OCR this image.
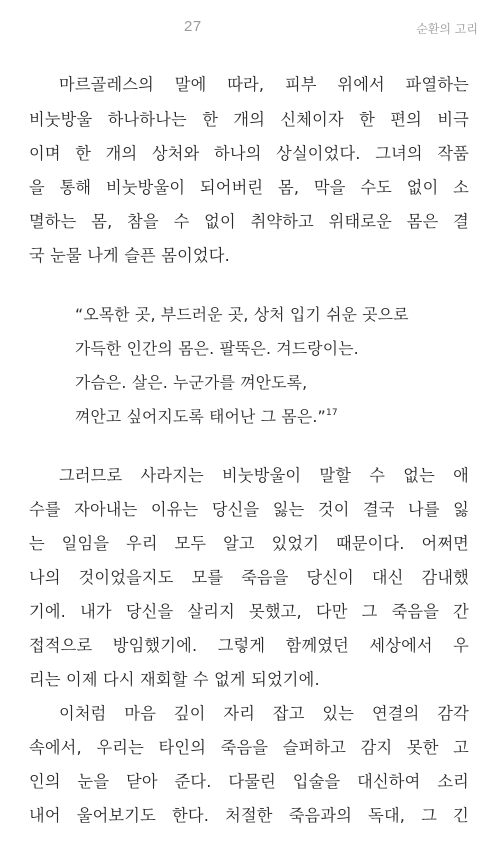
27	순환의 고리
마르골레스의 말에 따라, 피부 위에서 파열하는
비눗방울 하나하나는 한 개의 신체이자 한 편의 비극
이며 한 개의 상처와 하나의 상실이었다. 그녀의 작품
을 통해 비눗방울이 되어버린 몸, 막을 수도 없이 소
멸하는 몸, 참을 수 없이 취약하고 위태로운 몸은 결
국 눈물 나게 슬픈 몸이었다.
“오목한 곳, 부드러운 곳, 상처 입기 쉬운 곳으로
가득한 인간의 몸은. 팔뚝은. 겨드랑이는.
가슴은. 살은. 누군가를 껴안도록,
껴안고 싶어지도록 태어난 그 몸은.”$^{17}$
그러므로 사라지는 비눗방울이 말할 수 없는 애
수를 자아내는 이유는 당신을 잃는 것이 결국 나를 잃
는 일임을 우리 모두 알고 있었기 때문이다. 어쩌면
나의 것이었을지도 모를 죽음을 당신이 대신 감내했
기에. 내가 당신을 살리지 못했고, 다만 그 죽음을 간
접적으로 방임했기에. 그렇게 함께였던 세상에서 우
리는 이제 다시 재회할 수 없게 되었기에.
이처럼 마음 깊이 자리 잡고 있는 연결의 감각
속에서, 우리는 타인의 죽음을 슬퍼하고 감지 못한 고
인의 눈을 닫아 준다. 다물린 입술을 대신하여 소리
내어 울어보기도 한다. 처절한 죽음과의 독대, 그 긴
